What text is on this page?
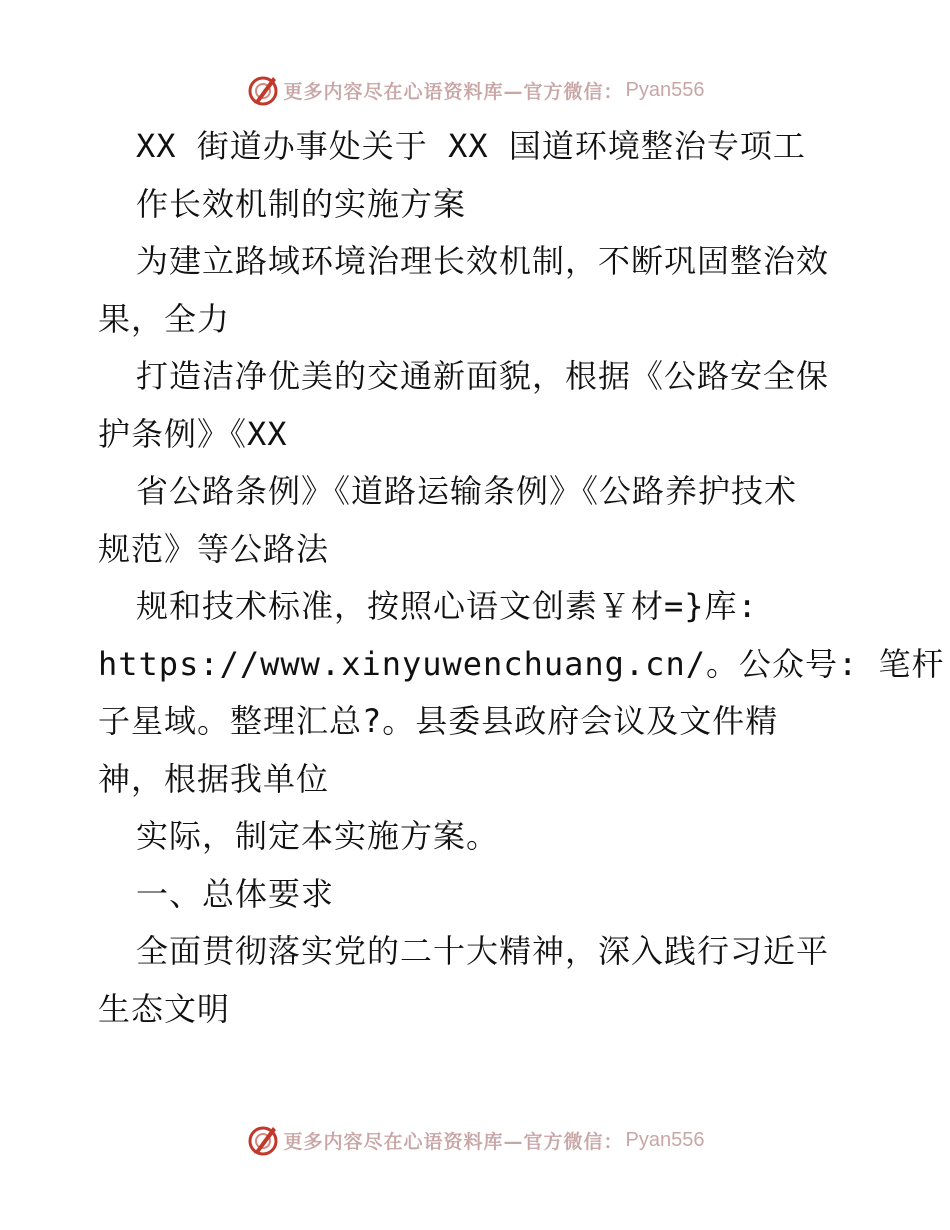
更多内容尽在心语资料库—官方微信： Pyan556
XX 街道办事处关于 XX 国道环境整治专项工
作长效机制的实施方案
为建立路域环境治理长效机制，不断巩固整治效
果，全力
打造洁净优美的交通新面貌，根据《公路安全保
护条例》《XX
省公路条例》《道路运输条例》《公路养护技术
规范》等公路法
规和技术标准，按照心语文创素￥材=}库:
https://www.xinyuwenchuang.cn/。公众号: 笔杆
子星域。整理汇总?。县委县政府会议及文件精
神，根据我单位
实际，制定本实施方案。
一、总体要求
全面贯彻落实党的二十大精神，深入践行习近平
生态文明
更多内容尽在心语资料库—官方微信： Pyan556
